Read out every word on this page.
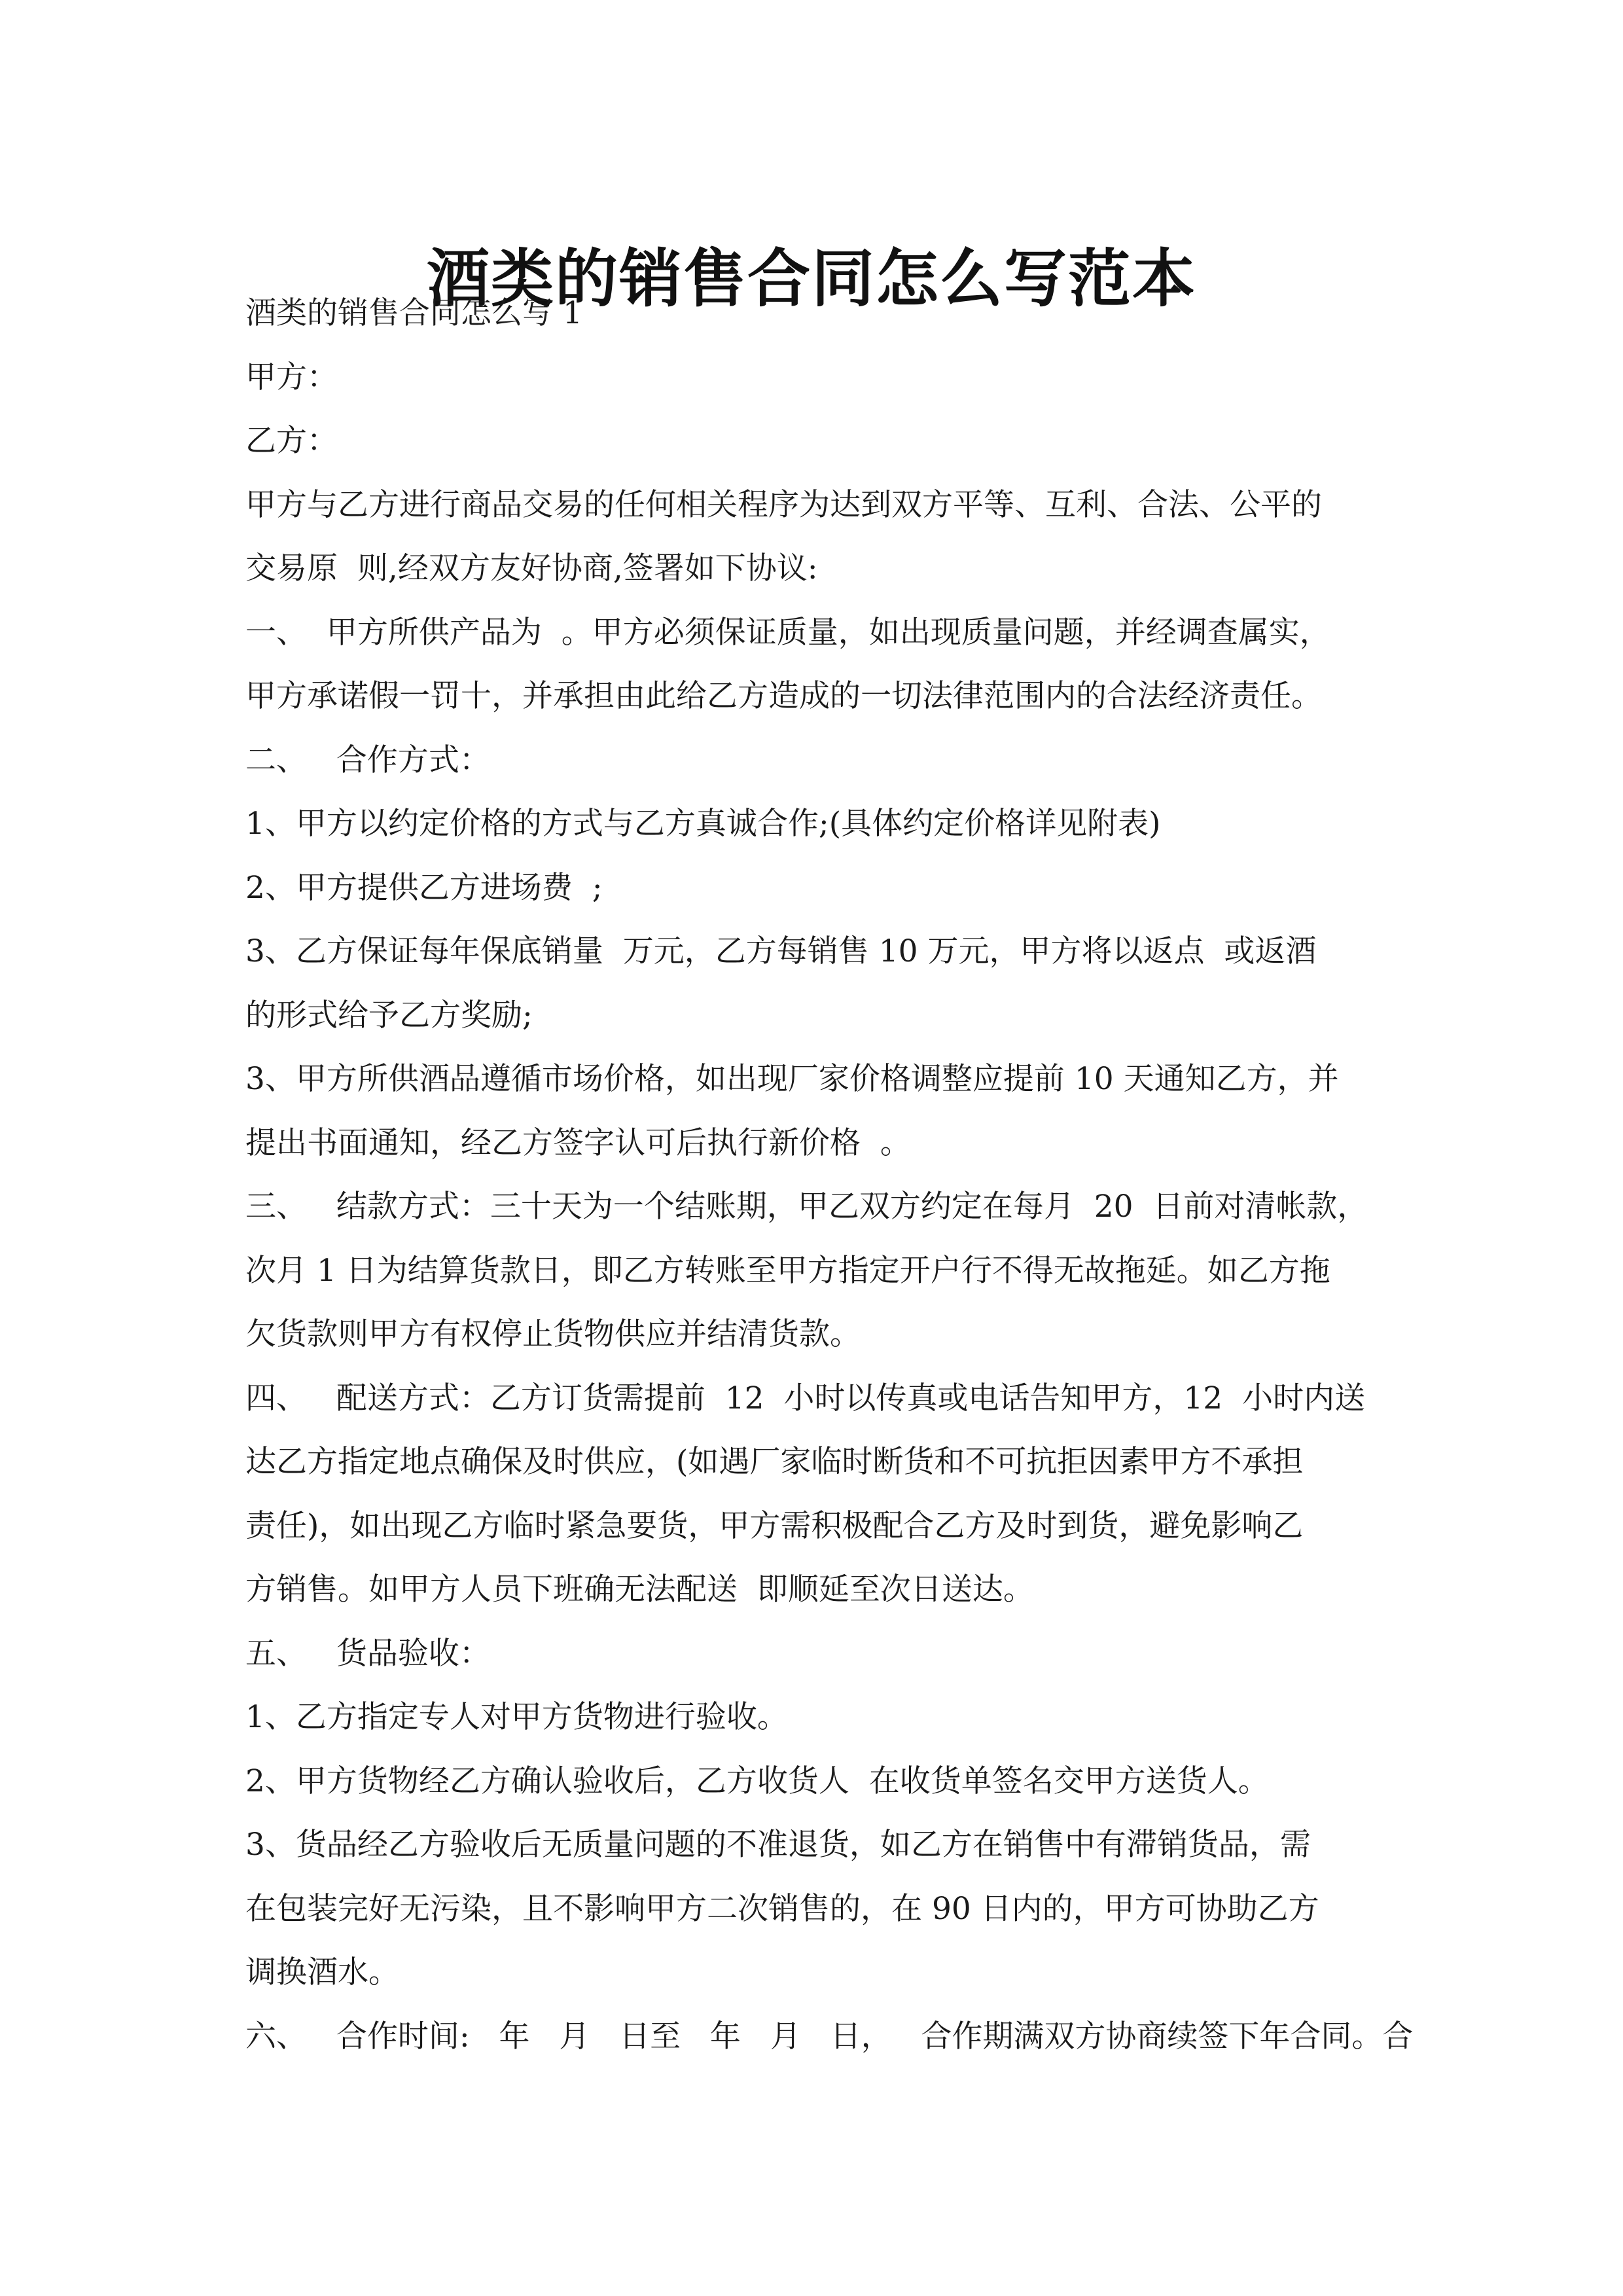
酒类的销售合同怎么写范本
酒类的销售合同怎么写 1
甲方：
乙方：
甲方与乙方进行商品交易的任何相关程序为达到双方平等、互利、合法、公平的
交易原  则,经双方友好协商,签署如下协议:
一、  甲方所供产品为  。甲方必须保证质量，如出现质量问题，并经调查属实，
甲方承诺假一罚十，并承担由此给乙方造成的一切法律范围内的合法经济责任。
二、   合作方式：
1、甲方以约定价格的方式与乙方真诚合作;(具体约定价格详见附表)
2、甲方提供乙方进场费  ;
3、乙方保证每年保底销量  万元，乙方每销售 10 万元，甲方将以返点  或返酒
的形式给予乙方奖励;
3、甲方所供酒品遵循市场价格，如出现厂家价格调整应提前 10 天通知乙方，并
提出书面通知，经乙方签字认可后执行新价格  。
三、   结款方式：三十天为一个结账期，甲乙双方约定在每月  20  日前对清帐款，
次月 1 日为结算货款日，即乙方转账至甲方指定开户行不得无故拖延。如乙方拖
欠货款则甲方有权停止货物供应并结清货款。
四、   配送方式：乙方订货需提前  12  小时以传真或电话告知甲方，12  小时内送
达乙方指定地点确保及时供应，(如遇厂家临时断货和不可抗拒因素甲方不承担
责任)，如出现乙方临时紧急要货，甲方需积极配合乙方及时到货，避免影响乙
方销售。如甲方人员下班确无法配送  即顺延至次日送达。
五、   货品验收：
1、乙方指定专人对甲方货物进行验收。
2、甲方货物经乙方确认验收后，乙方收货人  在收货单签名交甲方送货人。
3、货品经乙方验收后无质量问题的不准退货，如乙方在销售中有滞销货品，需
在包装完好无污染，且不影响甲方二次销售的，在 90 日内的，甲方可协助乙方
调换酒水。
六、   合作时间:   年   月   日至   年   月   日，   合作期满双方协商续签下年合同。合
